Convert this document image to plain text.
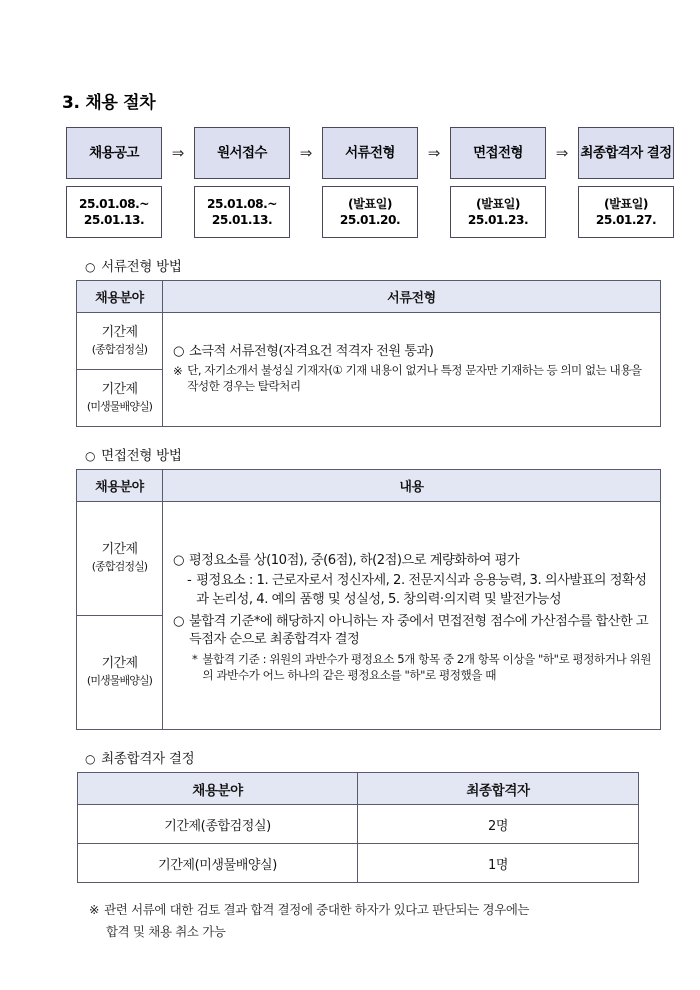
3. 채용 절차
채용공고
25.01.08.~
25.01.13.
⇒	원서접수
25.01.08.~
25.01.13.
⇒	서류전형
(발표일)
25.01.20.
⇒	면접전형
(발표일)
25.01.23.
⇒ 최종합격자 결정
(발표일)
25.01.27.
○ 서류전형 방법
채용분야	서류전형
기간제
(종합검정실)	○ 소극적 서류전형(자격요건 적격자 전원 통과)
※ 단, 자기소개서 불성실 기재자(① 기재 내용이 없거나 특정 문자만 기재하는 등 의미 없는 내용을 작성한 경우는 탈락처리

기간제
(미생물배양실)	
○ 면접전형 방법
채용분야	내용
기간제
(종합검정실)	○ 평정요소를 상(10점), 중(6점), 하(2점)으로 계량화하여 평가
- 평정요소 : 1. 근로자로서 정신자세, 2. 전문지식과 응용능력, 3. 의사발표의 정확성과 논리성, 4. 예의 품행 및 성실성, 5. 창의력·의지력 및 발전가능성
○ 불합격 기준*에 해당하지 아니하는 자 중에서 면접전형 점수에 가산점수를 합산한 고득점자 순으로 최종합격자 결정
* 불합격 기준 : 위원의 과반수가 평정요소 5개 항목 중 2개 항목 이상을 "하"로 평정하거나 위원의 과반수가 어느 하나의 같은 평정요소를 "하"로 평정했을 때

기간제
(미생물배양실)	
○ 최종합격자 결정
채용분야	최종합격자
기간제(종합검정실)	2명
기간제(미생물배양실)	1명
※ 관련 서류에 대한 검토 결과 합격 결정에 중대한 하자가 있다고 판단되는 경우에는
합격 및 채용 취소 가능
